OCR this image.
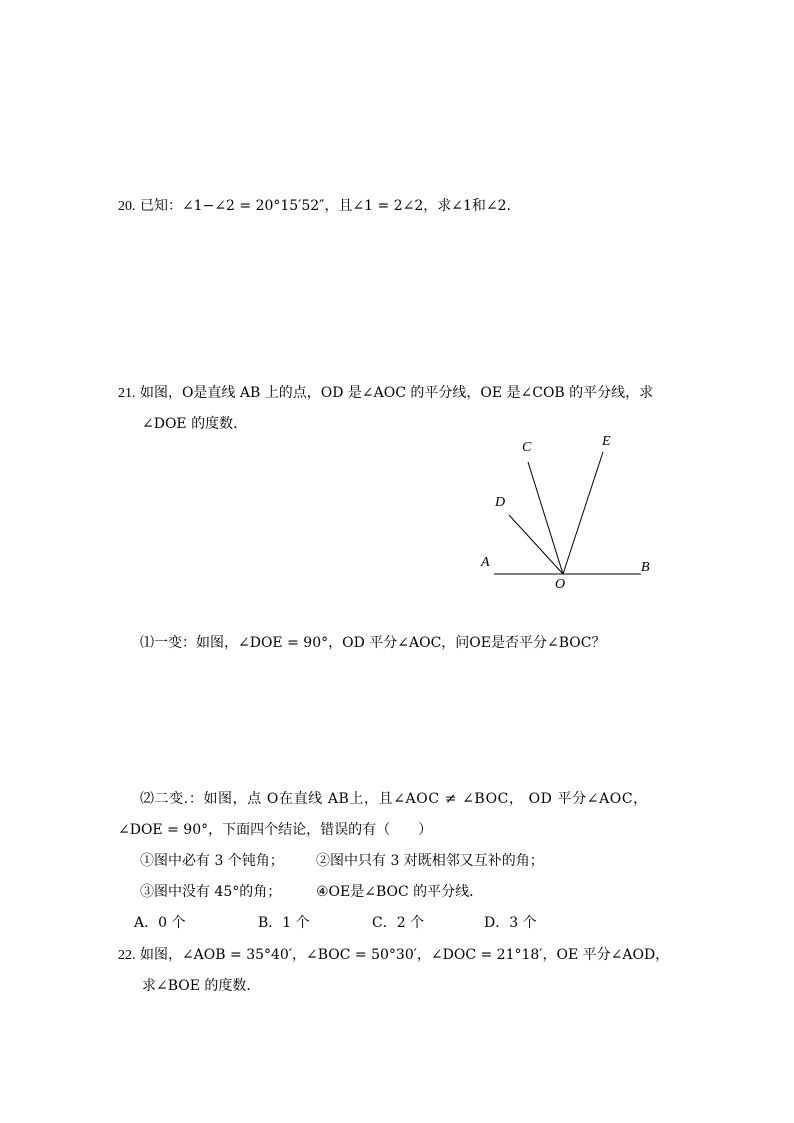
20. 已知：∠1−∠2 = 20°15′52″，且∠1 = 2∠2，求∠1和∠2．
21. 如图，O是直线 AB 上的点，OD 是∠AOC 的平分线，OE 是∠COB 的平分线，求
∠DOE 的度数．
A	B
C
D
E
O
⑴一变：如图，∠DOE = 90°，OD 平分∠AOC，问OE是否平分∠BOC？
⑵二变.：如图，点 O在直线 AB上，且∠AOC ≠ ∠BOC， OD 平分∠AOC，
∠DOE = 90°，下面四个结论，错误的有（　　）
①图中必有 3 个钝角； ②图中只有 3 对既相邻又互补的角；
③图中没有 45°的角； ④OE是∠BOC 的平分线．
A．0 个	B．1 个	C．2 个	D．3 个
22. 如图，∠AOB = 35°40′，∠BOC = 50°30′，∠DOC = 21°18′，OE 平分∠AOD，
求∠BOE 的度数．
